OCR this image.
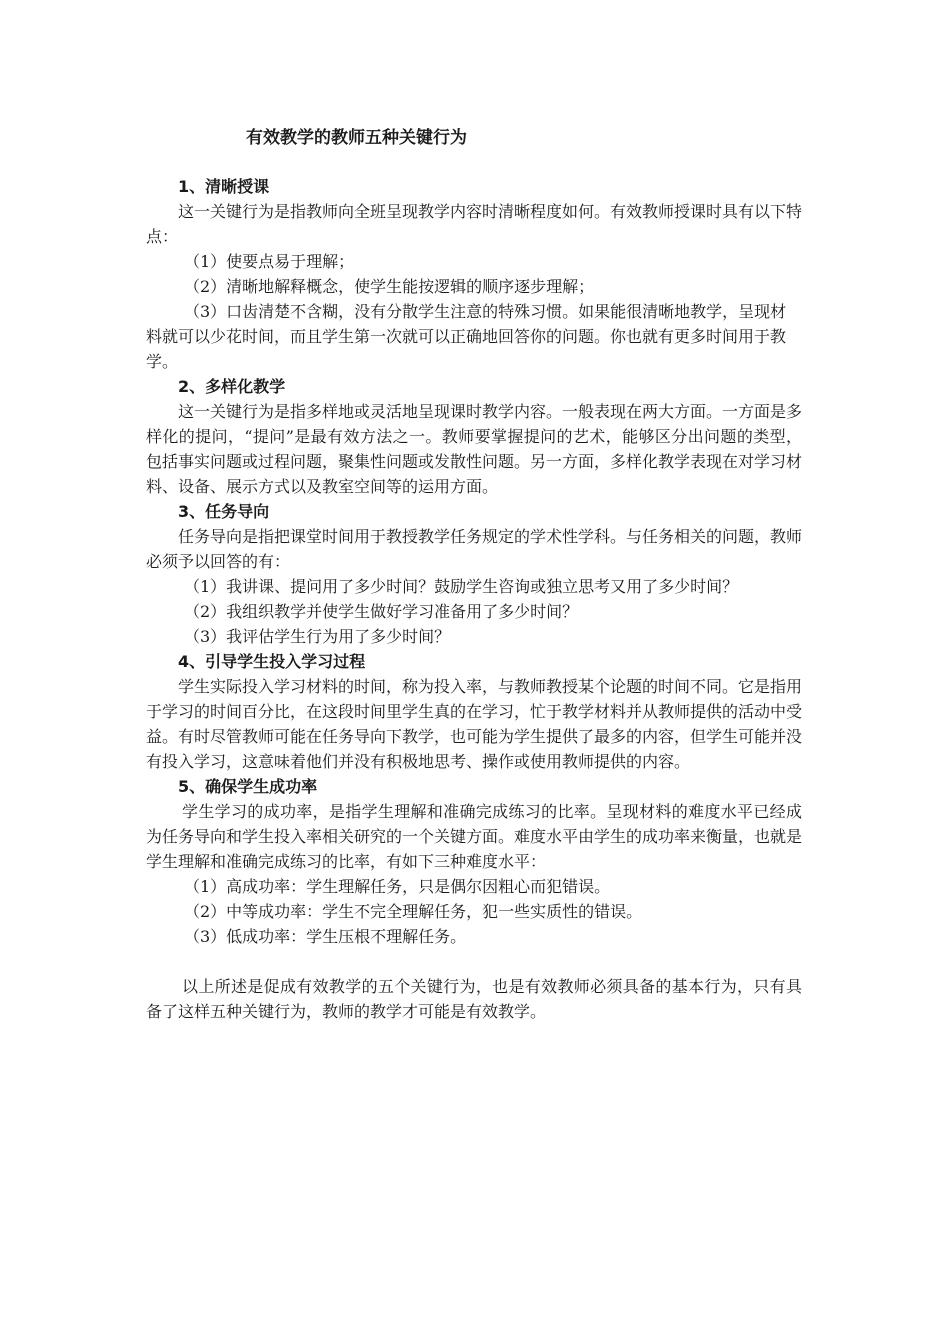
有效教学的教师五种关键行为
1、清晰授课

这一关键行为是指教师向全班呈现教学内容时清晰程度如何。有效教师授课时具有以下特点：

（1）使要点易于理解；

（2）清晰地解释概念，使学生能按逻辑的顺序逐步理解；

（3）口齿清楚不含糊，没有分散学生注意的特殊习惯。如果能很清晰地教学，呈现材料就可以少花时间，而且学生第一次就可以正确地回答你的问题。你也就有更多时间用于教学。

2、多样化教学

这一关键行为是指多样地或灵活地呈现课时教学内容。一般表现在两大方面。一方面是多样化的提问，“提问”是最有效方法之一。教师要掌握提问的艺术，能够区分出问题的类型，包括事实问题或过程问题，聚集性问题或发散性问题。另一方面，多样化教学表现在对学习材料、设备、展示方式以及教室空间等的运用方面。

3、任务导向

任务导向是指把课堂时间用于教授教学任务规定的学术性学科。与任务相关的问题，教师必须予以回答的有：

（1）我讲课、提问用了多少时间？鼓励学生咨询或独立思考又用了多少时间？

（2）我组织教学并使学生做好学习准备用了多少时间？

（3）我评估学生行为用了多少时间？

4、引导学生投入学习过程

学生实际投入学习材料的时间，称为投入率，与教师教授某个论题的时间不同。它是指用于学习的时间百分比，在这段时间里学生真的在学习，忙于教学材料并从教师提供的活动中受益。有时尽管教师可能在任务导向下教学，也可能为学生提供了最多的内容，但学生可能并没有投入学习，这意味着他们并没有积极地思考、操作或使用教师提供的内容。

5、确保学生成功率

学生学习的成功率，是指学生理解和准确完成练习的比率。呈现材料的难度水平已经成为任务导向和学生投入率相关研究的一个关键方面。难度水平由学生的成功率来衡量，也就是学生理解和准确完成练习的比率，有如下三种难度水平：

（1）高成功率：学生理解任务，只是偶尔因粗心而犯错误。

（2）中等成功率：学生不完全理解任务，犯一些实质性的错误。

（3）低成功率：学生压根不理解任务。

以上所述是促成有效教学的五个关键行为，也是有效教师必须具备的基本行为，只有具备了这样五种关键行为，教师的教学才可能是有效教学。
